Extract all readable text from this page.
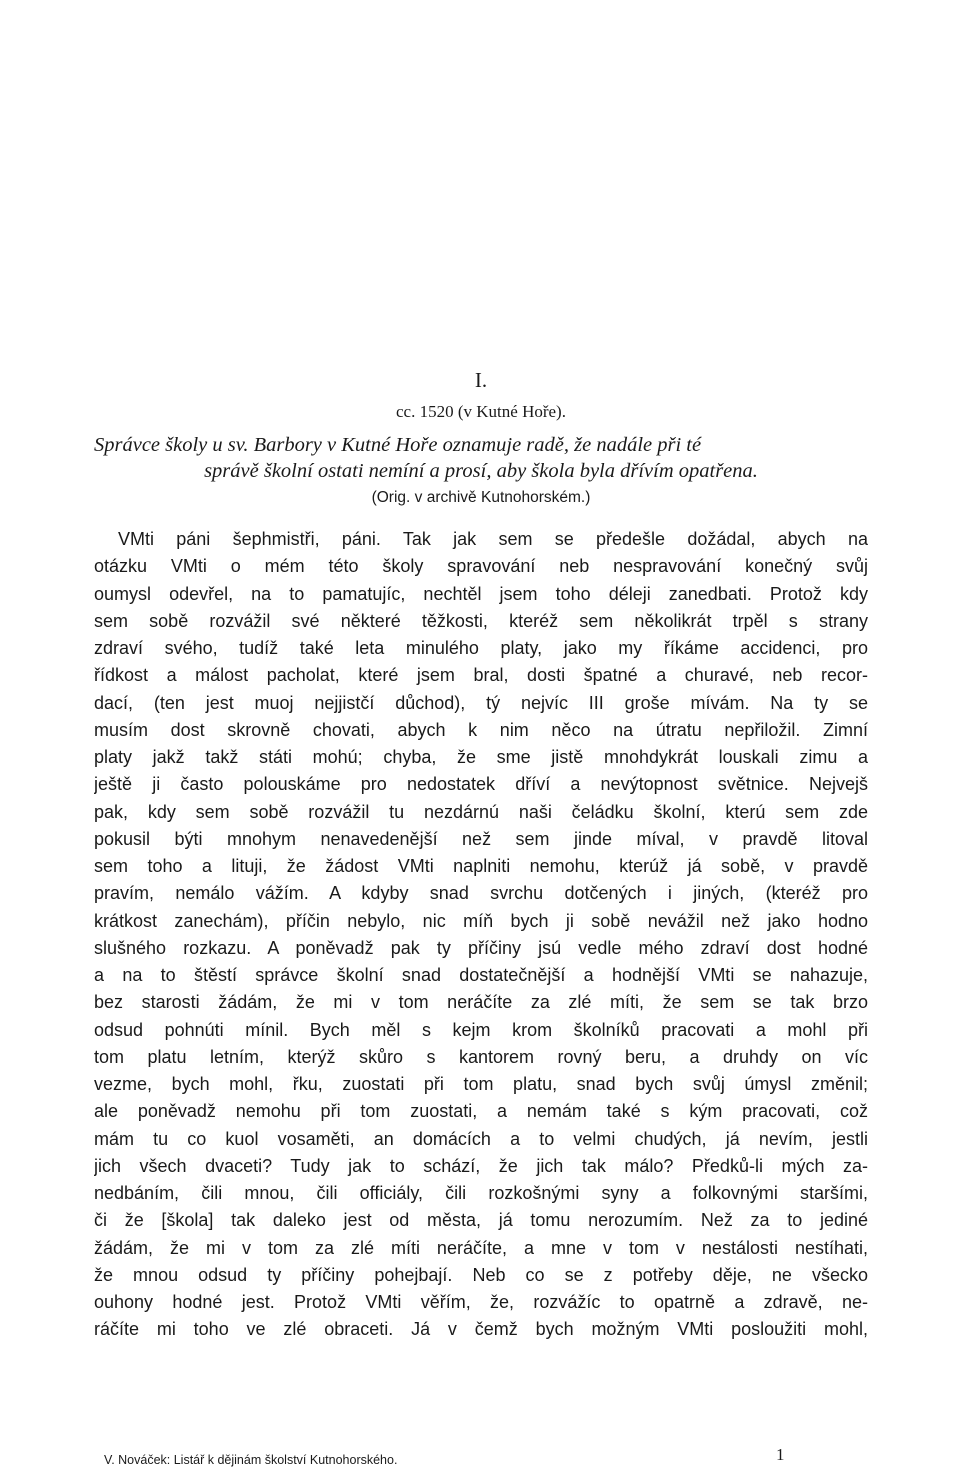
I.
cc. 1520 (v Kutné Hoře).
Správce školy u sv. Barbory v Kutné Hoře oznamuje radě, že nadále při té
správě školní ostati nemíní a prosí, aby škola byla dřívím opatřena.
(Orig. v archivě Kutnohorském.)
VMti páni šephmistři, páni. Tak jak sem se předešle dožádal, abych na
otázku VMti o mém této školy spravování neb nespravování konečný svůj
oumysl odevřel, na to pamatujíc, nechtěl jsem toho déleji zanedbati. Protož kdy
sem sobě rozvážil své některé těžkosti, kteréž sem několikrát trpěl s strany
zdraví svého, tudíž také leta minulého platy, jako my říkáme accidenci, pro
řídkost a málost pacholat, které jsem bral, dosti špatné a churavé, neb recor-
dací, (ten jest muoj nejjistčí důchod), tý nejvíc III groše mívám. Na ty se
musím dost skrovně chovati, abych k nim něco na útratu nepřiložil. Zimní
platy jakž takž státi mohú; chyba, že sme jistě mnohdykrát louskali zimu a
ještě ji často polouskáme pro nedostatek dříví a nevýtopnost světnice. Nejvejš
pak, kdy sem sobě rozvážil tu nezdárnú naši čeládku školní, kterú sem zde
pokusil býti mnohym nenavedenější než sem jinde míval, v pravdě litoval
sem toho a lituji, že žádost VMti naplniti nemohu, kterúž já sobě, v pravdě
pravím, nemálo vážím. A kdyby snad svrchu dotčených i jiných, (kteréž pro
krátkost zanechám), příčin nebylo, nic míň bych ji sobě nevážil než jako hodno
slušného rozkazu. A poněvadž pak ty příčiny jsú vedle mého zdraví dost hodné
a na to štěstí správce školní snad dostatečnější a hodnější VMti se nahazuje,
bez starosti žádám, že mi v tom neráčíte za zlé míti, že sem se tak brzo
odsud pohnúti mínil. Bych měl s kejm krom školníků pracovati a mohl při
tom platu letním, kterýž skůro s kantorem rovný beru, a druhdy on víc
vezme, bych mohl, řku, zuostati při tom platu, snad bych svůj úmysl změnil;
ale poněvadž nemohu při tom zuostati, a nemám také s kým pracovati, což
mám tu co kuol vosaměti, an domácích a to velmi chudých, já nevím, jestli
jich všech dvaceti? Tudy jak to schází, že jich tak málo? Předků-li mých za-
nedbáním, čili mnou, čili officiály, čili rozkošnými syny a folkovnými staršími,
či že [škola] tak daleko jest od města, já tomu nerozumím. Než za to jediné
žádám, že mi v tom za zlé míti neráčíte, a mne v tom v nestálosti nestíhati,
že mnou odsud ty příčiny pohejbají. Neb co se z potřeby děje, ne všecko
ouhony hodné jest. Protož VMti věřím, že, rozvážíc to opatrně a zdravě, ne-
ráčíte mi toho ve zlé obraceti. Já v čemž bych možným VMti posloužiti mohl,
V. Nováček: Listář k dějinám školství Kutnohorského.	1
